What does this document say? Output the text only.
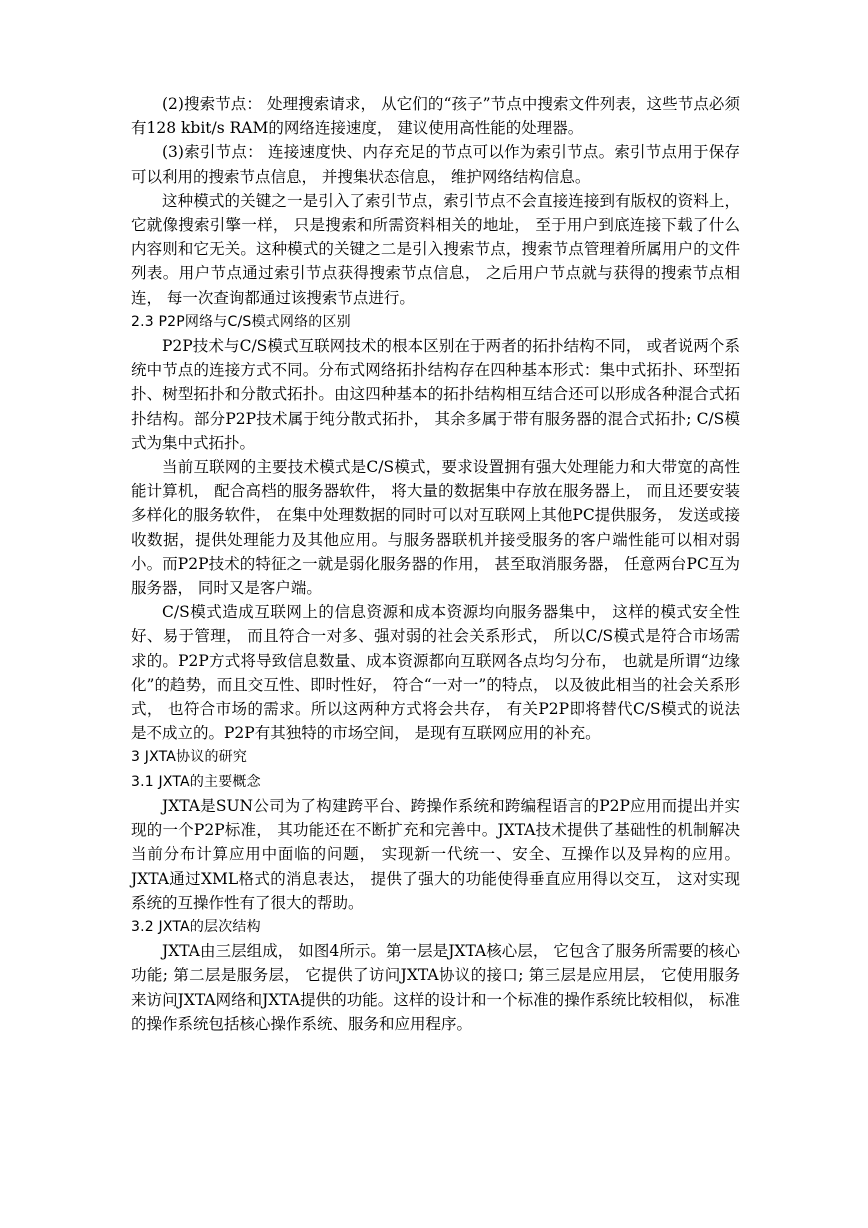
(2)搜索节点： 处理搜索请求， 从它们的“孩子”节点中搜索文件列表，这些节点必须有128 kbit/s RAM的网络连接速度， 建议使用高性能的处理器。

(3)索引节点： 连接速度快、内存充足的节点可以作为索引节点。索引节点用于保存可以利用的搜索节点信息， 并搜集状态信息， 维护网络结构信息。

这种模式的关键之一是引入了索引节点，索引节点不会直接连接到有版权的资料上， 它就像搜索引擎一样， 只是搜索和所需资料相关的地址， 至于用户到底连接下载了什么内容则和它无关。这种模式的关键之二是引入搜索节点，搜索节点管理着所属用户的文件列表。用户节点通过索引节点获得搜索节点信息， 之后用户节点就与获得的搜索节点相连， 每一次查询都通过该搜索节点进行。

2.3 P2P网络与C/S模式网络的区别

P2P技术与C/S模式互联网技术的根本区别在于两者的拓扑结构不同， 或者说两个系统中节点的连接方式不同。分布式网络拓扑结构存在四种基本形式：集中式拓扑、环型拓扑、树型拓扑和分散式拓扑。由这四种基本的拓扑结构相互结合还可以形成各种混合式拓扑结构。部分P2P技术属于纯分散式拓扑， 其余多属于带有服务器的混合式拓扑; C/S模式为集中式拓扑。

当前互联网的主要技术模式是C/S模式，要求设置拥有强大处理能力和大带宽的高性能计算机， 配合高档的服务器软件， 将大量的数据集中存放在服务器上， 而且还要安装多样化的服务软件， 在集中处理数据的同时可以对互联网上其他PC提供服务， 发送或接收数据，提供处理能力及其他应用。与服务器联机并接受服务的客户端性能可以相对弱小。而P2P技术的特征之一就是弱化服务器的作用， 甚至取消服务器， 任意两台PC互为服务器， 同时又是客户端。

C/S模式造成互联网上的信息资源和成本资源均向服务器集中， 这样的模式安全性好、易于管理， 而且符合一对多、强对弱的社会关系形式， 所以C/S模式是符合市场需求的。P2P方式将导致信息数量、成本资源都向互联网各点均匀分布， 也就是所谓“边缘化”的趋势，而且交互性、即时性好， 符合“一对一”的特点， 以及彼此相当的社会关系形式， 也符合市场的需求。所以这两种方式将会共存， 有关P2P即将替代C/S模式的说法是不成立的。P2P有其独特的市场空间， 是现有互联网应用的补充。

3 JXTA协议的研究

3.1 JXTA的主要概念

JXTA是SUN公司为了构建跨平台、跨操作系统和跨编程语言的P2P应用而提出并实现的一个P2P标准， 其功能还在不断扩充和完善中。JXTA技术提供了基础性的机制解决当前分布计算应用中面临的问题， 实现新一代统一、安全、互操作以及异构的应用。JXTA通过XML格式的消息表达， 提供了强大的功能使得垂直应用得以交互， 这对实现系统的互操作性有了很大的帮助。

3.2 JXTA的层次结构

JXTA由三层组成， 如图4所示。第一层是JXTA核心层， 它包含了服务所需要的核心功能; 第二层是服务层， 它提供了访问JXTA协议的接口; 第三层是应用层， 它使用服务来访问JXTA网络和JXTA提供的功能。这样的设计和一个标准的操作系统比较相似， 标准的操作系统包括核心操作系统、服务和应用程序。
